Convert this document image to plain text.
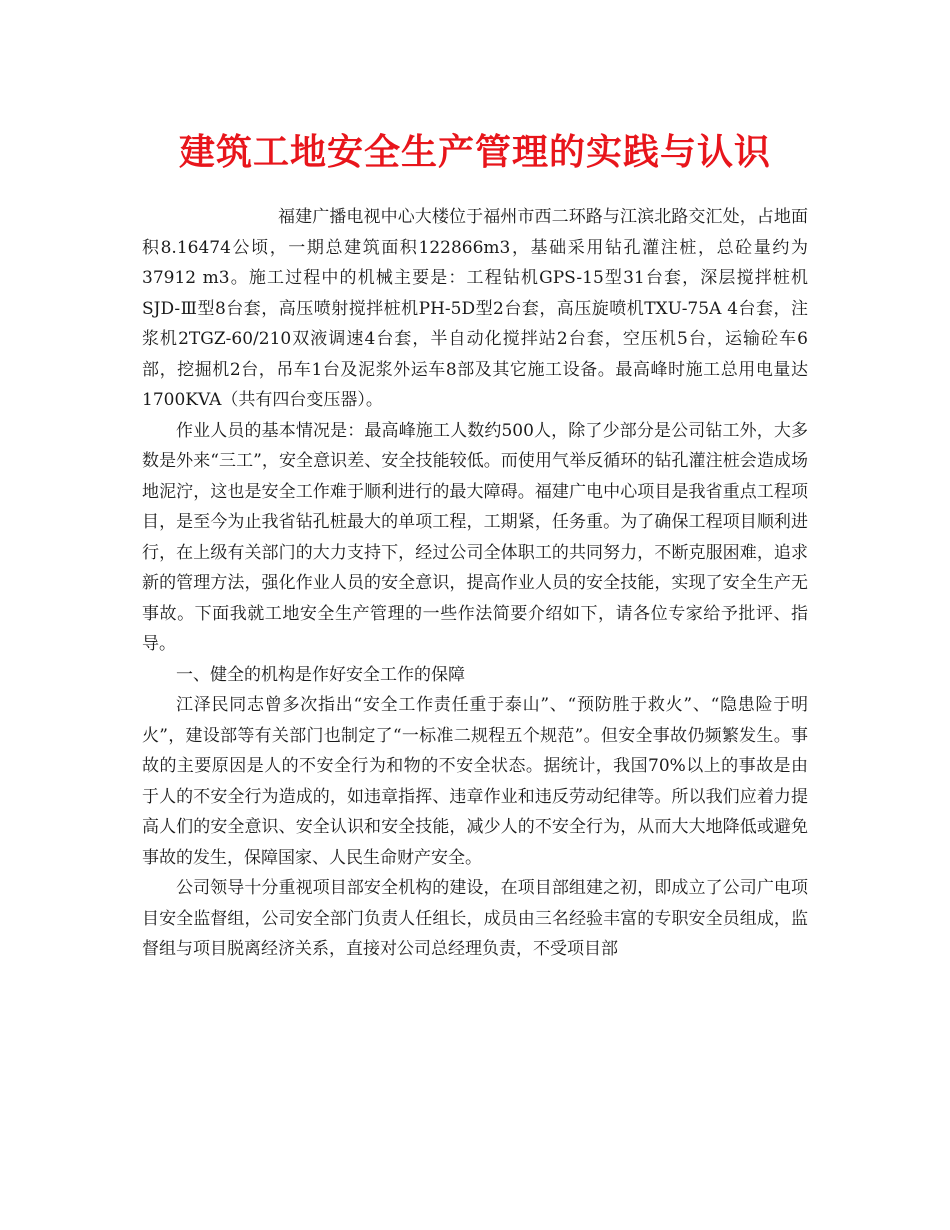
建筑工地安全生产管理的实践与认识

福建广播电视中心大楼位于福州市西二环路与江滨北路交汇处，占地面积8.16474公顷，一期总建筑面积122866m3，基础采用钻孔灌注桩，总砼量约为37912 m3。施工过程中的机械主要是：工程钻机GPS-15型31台套，深层搅拌桩机SJD-Ⅲ型8台套，高压喷射搅拌桩机PH-5D型2台套，高压旋喷机TXU-75A 4台套，注浆机2TGZ-60/210双液调速4台套，半自动化搅拌站2台套，空压机5台，运输砼车6部，挖掘机2台，吊车1台及泥浆外运车8部及其它施工设备。最高峰时施工总用电量达1700KVA（共有四台变压器）。

作业人员的基本情况是：最高峰施工人数约500人，除了少部分是公司钻工外，大多数是外来“三工”，安全意识差、安全技能较低。而使用气举反循环的钻孔灌注桩会造成场地泥泞，这也是安全工作难于顺利进行的最大障碍。福建广电中心项目是我省重点工程项目，是至今为止我省钻孔桩最大的单项工程，工期紧，任务重。为了确保工程项目顺利进行，在上级有关部门的大力支持下，经过公司全体职工的共同努力，不断克服困难，追求新的管理方法，强化作业人员的安全意识，提高作业人员的安全技能，实现了安全生产无事故。下面我就工地安全生产管理的一些作法简要介绍如下，请各位专家给予批评、指导。

一、健全的机构是作好安全工作的保障

江泽民同志曾多次指出“安全工作责任重于泰山”、“预防胜于救火”、“隐患险于明火”，建设部等有关部门也制定了“一标准二规程五个规范”。但安全事故仍频繁发生。事故的主要原因是人的不安全行为和物的不安全状态。据统计，我国70%以上的事故是由于人的不安全行为造成的，如违章指挥、违章作业和违反劳动纪律等。所以我们应着力提高人们的安全意识、安全认识和安全技能，减少人的不安全行为，从而大大地降低或避免事故的发生，保障国家、人民生命财产安全。

公司领导十分重视项目部安全机构的建设，在项目部组建之初，即成立了公司广电项目安全监督组，公司安全部门负责人任组长，成员由三名经验丰富的专职安全员组成，监督组与项目脱离经济关系，直接对公司总经理负责，不受项目部
